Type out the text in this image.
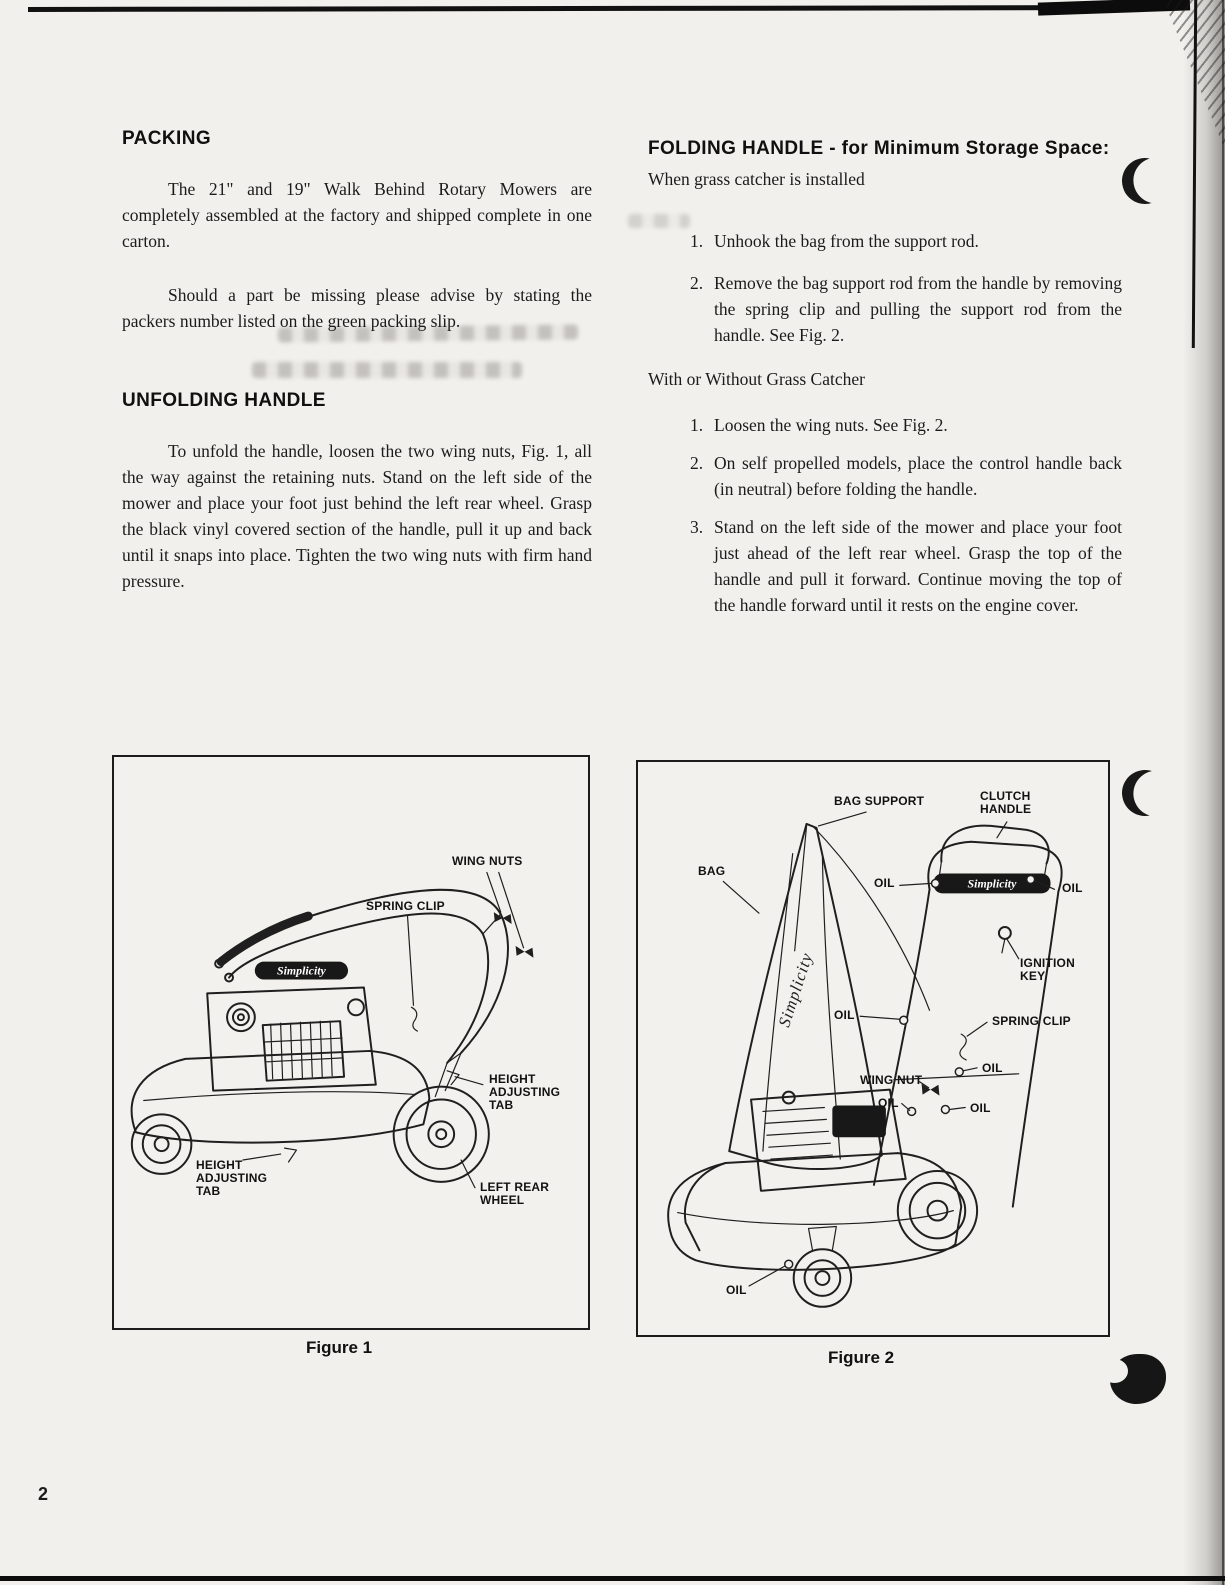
PACKING

The 21" and 19" Walk Behind Rotary Mowers are completely assembled at the factory and shipped complete in one carton.

Should a part be missing please advise by stating the packers number listed on the green packing slip.

UNFOLDING HANDLE

To unfold the handle, loosen the two wing nuts, Fig. 1, all the way against the retaining nuts. Stand on the left side of the mower and place your foot just behind the left rear wheel. Grasp the black vinyl covered section of the handle, pull it up and back until it snaps into place. Tighten the two wing nuts with firm hand pressure.

FOLDING HANDLE - for Minimum Storage Space:

When grass catcher is installed

1. Unhook the bag from the support rod.
2. Remove the bag support rod from the handle by removing the spring clip and pulling the support rod from the handle. See Fig. 2.

With or Without Grass Catcher

1. Loosen the wing nuts. See Fig. 2.
2. On self propelled models, place the control handle back (in neutral) before folding the handle.
3. Stand on the left side of the mower and place your foot just ahead of the left rear wheel. Grasp the top of the handle and pull it forward. Continue moving the top of the handle forward until it rests on the engine cover.
Simplicity
WING NUTS
SPRING CLIP
HEIGHT ADJUSTING TAB
LEFT REAR WHEEL
HEIGHT ADJUSTING TAB
Figure 1
Simplicity
Simplicity
BAG SUPPORT	CLUTCH HANDLE
BAG
OIL	OIL
IGNITION KEY
OIL	SPRING CLIP
OIL
WING NUT
OIL	OIL
OIL
Figure 2
2
